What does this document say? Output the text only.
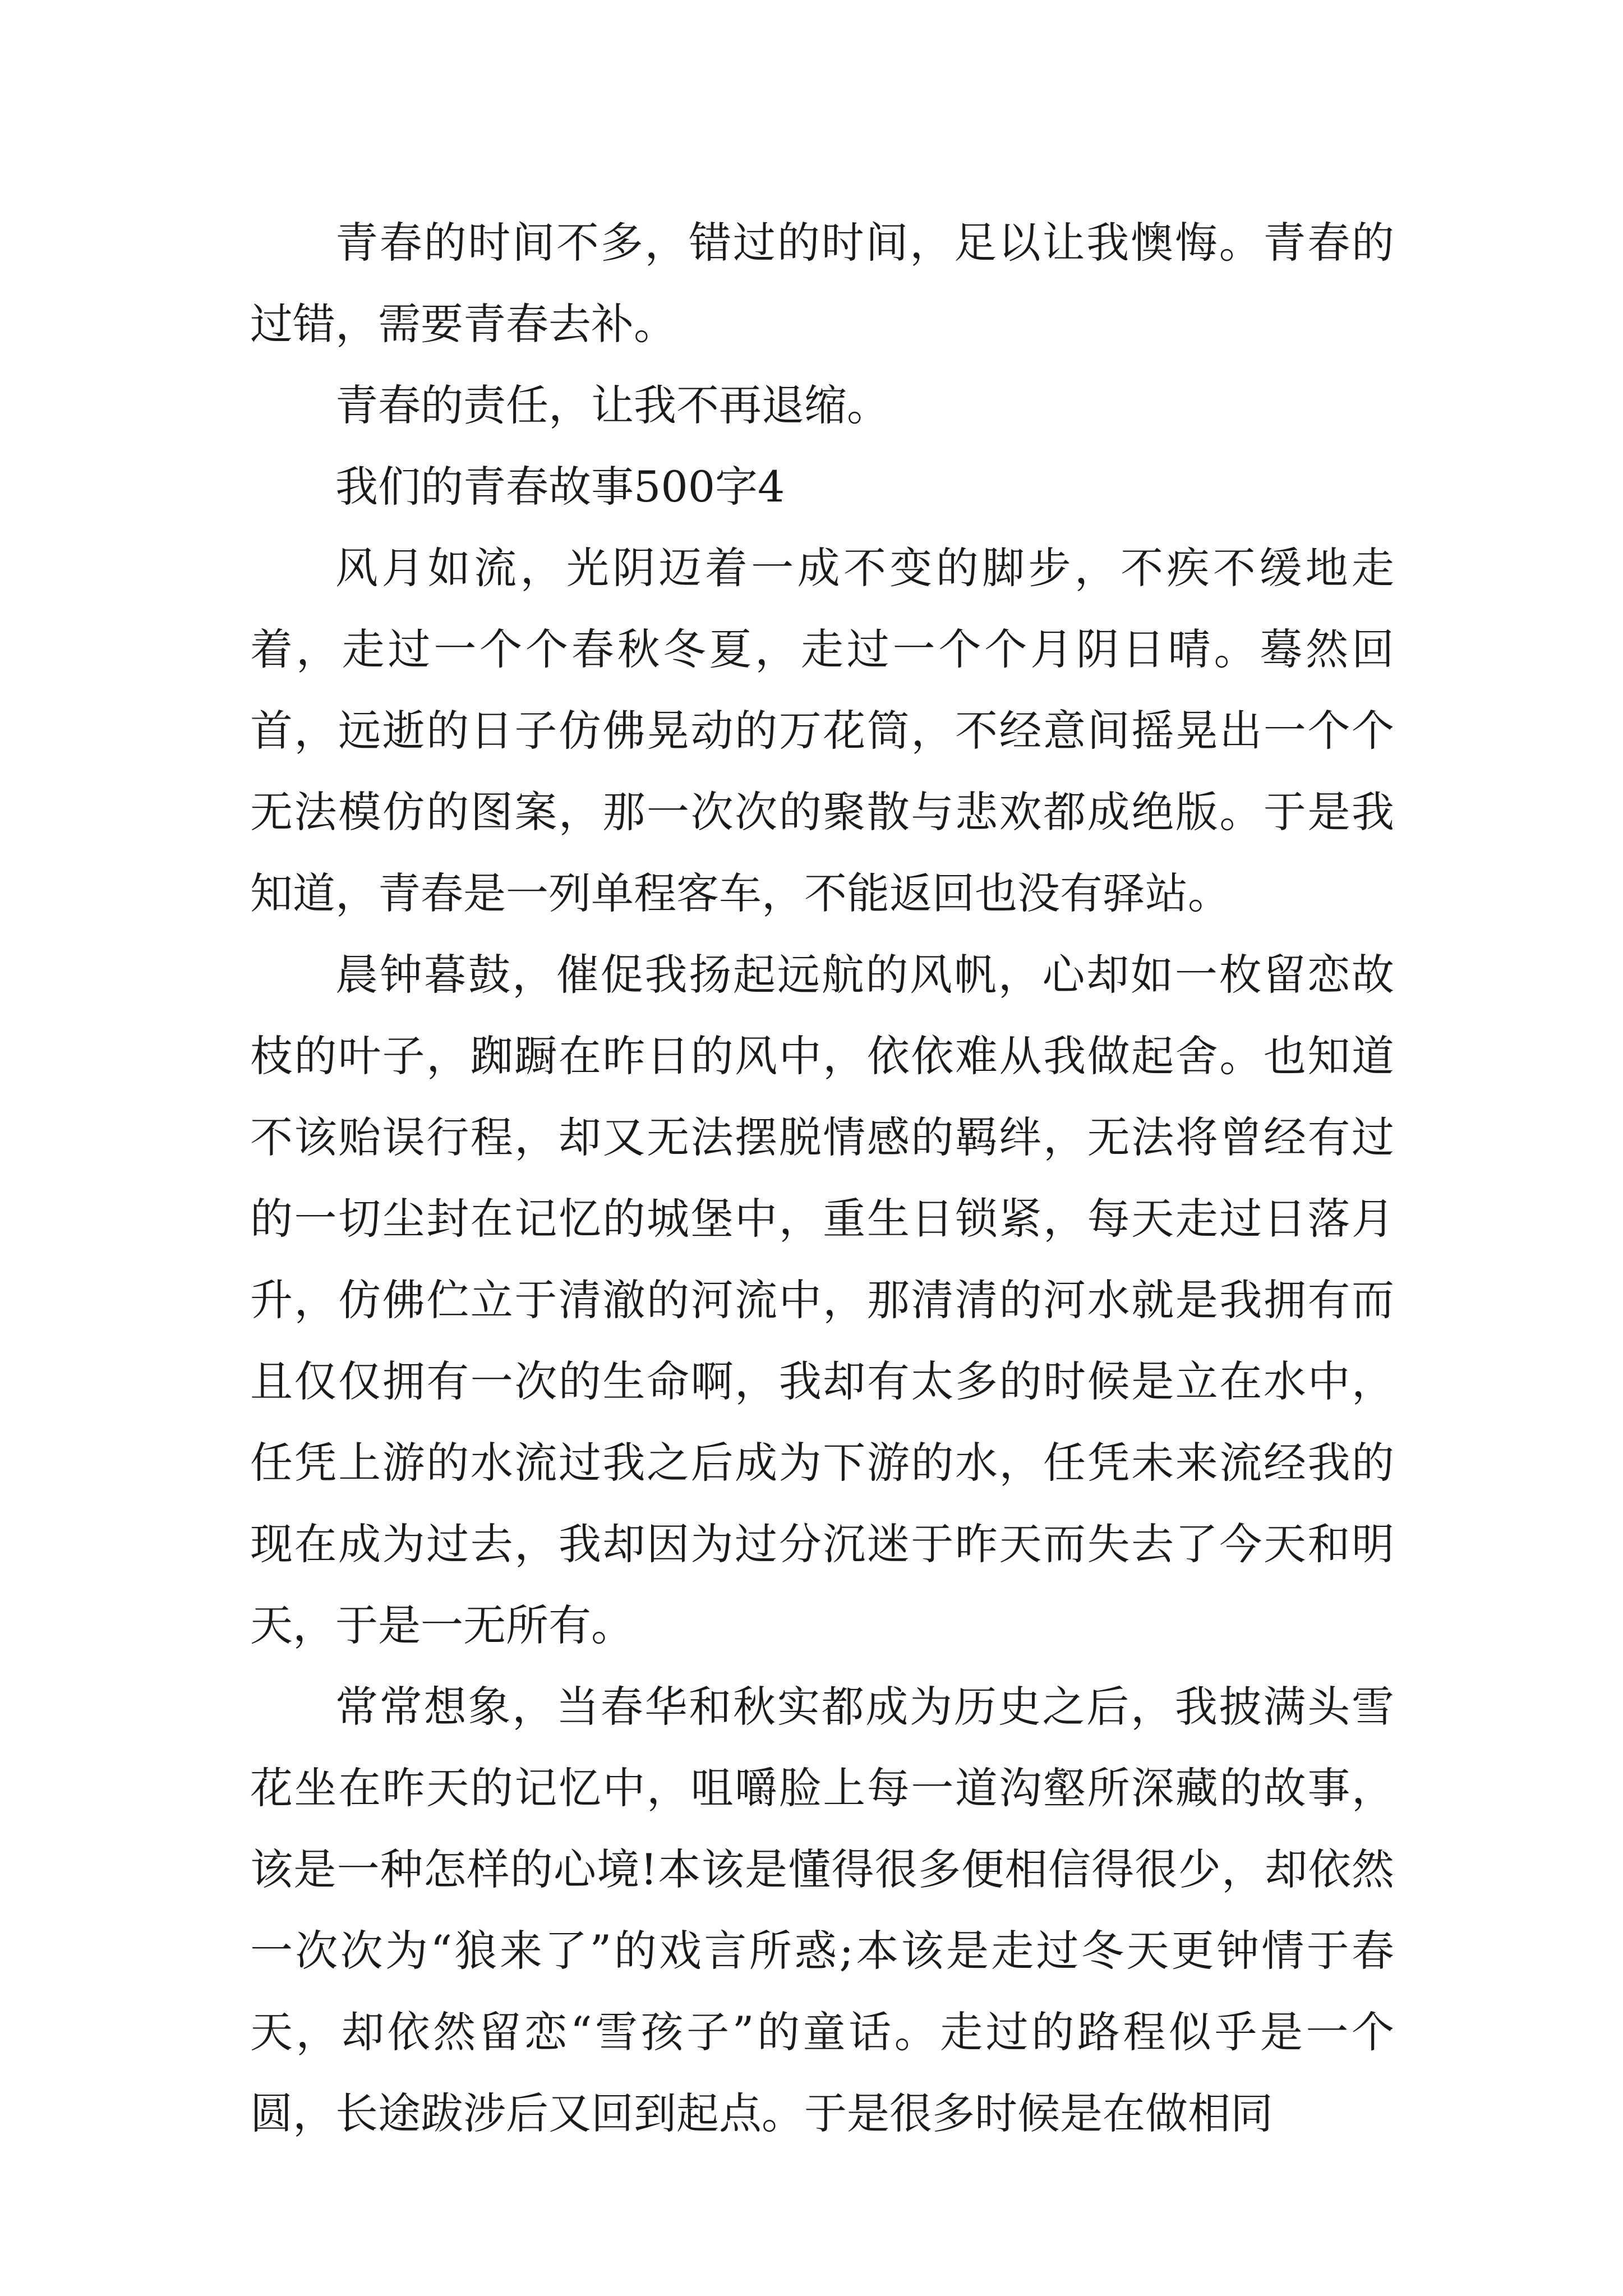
青春的时间不多，错过的时间，足以让我懊悔。青春的过错，需要青春去补。

青春的责任，让我不再退缩。

我们的青春故事500字4

风月如流，光阴迈着一成不变的脚步，不疾不缓地走着，走过一个个春秋冬夏，走过一个个月阴日晴。蓦然回首，远逝的日子仿佛晃动的万花筒，不经意间摇晃出一个个无法模仿的图案，那一次次的聚散与悲欢都成绝版。于是我知道，青春是一列单程客车，不能返回也没有驿站。

晨钟暮鼓，催促我扬起远航的风帆，心却如一枚留恋故枝的叶子，踟蹰在昨日的风中，依依难从我做起舍。也知道不该贻误行程，却又无法摆脱情感的羁绊，无法将曾经有过的一切尘封在记忆的城堡中，重生日锁紧，每天走过日落月升，仿佛伫立于清澈的河流中，那清清的河水就是我拥有而且仅仅拥有一次的生命啊，我却有太多的时候是立在水中，任凭上游的水流过我之后成为下游的水，任凭未来流经我的现在成为过去，我却因为过分沉迷于昨天而失去了今天和明天，于是一无所有。

常常想象，当春华和秋实都成为历史之后，我披满头雪花坐在昨天的记忆中，咀嚼脸上每一道沟壑所深藏的故事，该是一种怎样的心境!本该是懂得很多便相信得很少，却依然一次次为“狼来了”的戏言所惑;本该是走过冬天更钟情于春天，却依然留恋“雪孩子”的童话。走过的路程似乎是一个圆，长途跋涉后又回到起点。于是很多时候是在做相同
